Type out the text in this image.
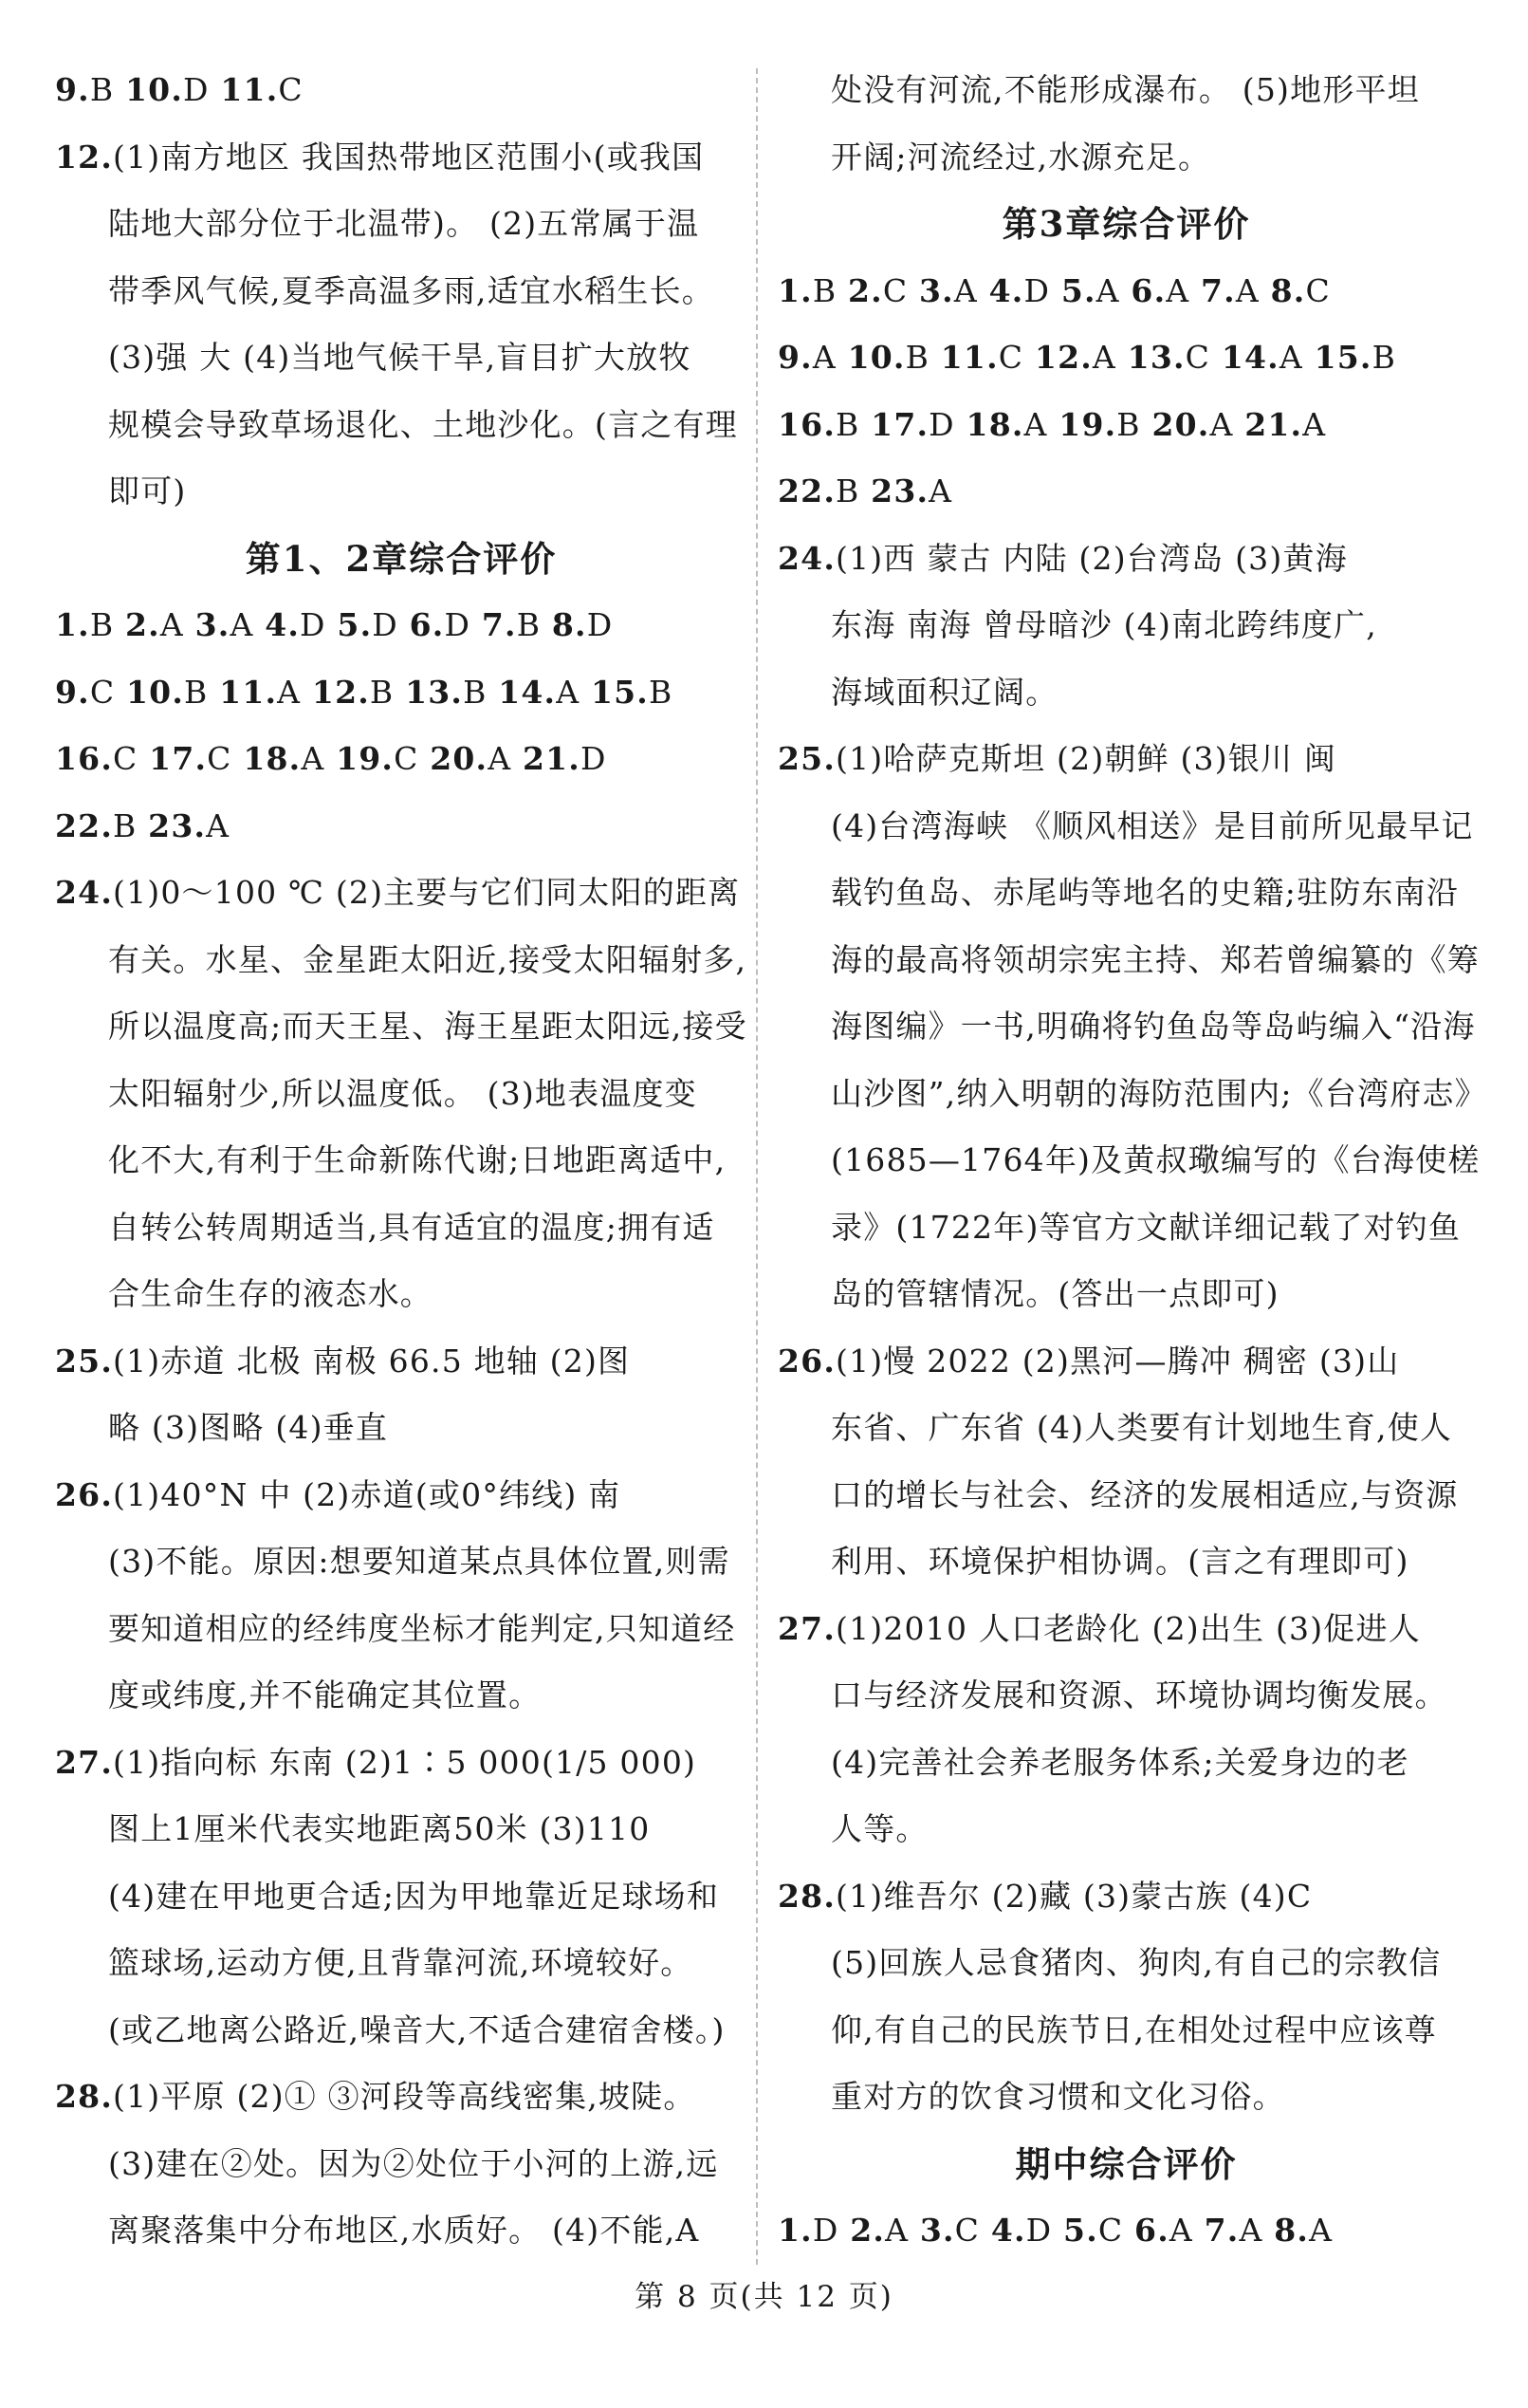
9.B 10.D 11.C
12.(1)南方地区 我国热带地区范围小(或我国
陆地大部分位于北温带)。 (2)五常属于温
带季风气候,夏季高温多雨,适宜水稻生长。
(3)强 大 (4)当地气候干旱,盲目扩大放牧
规模会导致草场退化、土地沙化。(言之有理
即可)
第1、2章综合评价
1.B 2.A 3.A 4.D 5.D 6.D 7.B 8.D
9.C 10.B 11.A 12.B 13.B 14.A 15.B
16.C 17.C 18.A 19.C 20.A 21.D
22.B 23.A
24.(1)0～100 ℃ (2)主要与它们同太阳的距离
有关。水星、金星距太阳近,接受太阳辐射多,
所以温度高;而天王星、海王星距太阳远,接受
太阳辐射少,所以温度低。 (3)地表温度变
化不大,有利于生命新陈代谢;日地距离适中,
自转公转周期适当,具有适宜的温度;拥有适
合生命生存的液态水。
25.(1)赤道 北极 南极 66.5 地轴 (2)图
略 (3)图略 (4)垂直
26.(1)40°N 中 (2)赤道(或0°纬线) 南
(3)不能。原因:想要知道某点具体位置,则需
要知道相应的经纬度坐标才能判定,只知道经
度或纬度,并不能确定其位置。
27.(1)指向标 东南 (2)1∶5 000(1/5 000)
图上1厘米代表实地距离50米 (3)110
(4)建在甲地更合适;因为甲地靠近足球场和
篮球场,运动方便,且背靠河流,环境较好。
(或乙地离公路近,噪音大,不适合建宿舍楼。)
28.(1)平原 (2)① ③河段等高线密集,坡陡。
(3)建在②处。因为②处位于小河的上游,远
离聚落集中分布地区,水质好。 (4)不能,A
处没有河流,不能形成瀑布。 (5)地形平坦
开阔;河流经过,水源充足。
第3章综合评价
1.B 2.C 3.A 4.D 5.A 6.A 7.A 8.C
9.A 10.B 11.C 12.A 13.C 14.A 15.B
16.B 17.D 18.A 19.B 20.A 21.A
22.B 23.A
24.(1)西 蒙古 内陆 (2)台湾岛 (3)黄海
东海 南海 曾母暗沙 (4)南北跨纬度广,
海域面积辽阔。
25.(1)哈萨克斯坦 (2)朝鲜 (3)银川 闽
(4)台湾海峡 《顺风相送》是目前所见最早记
载钓鱼岛、赤尾屿等地名的史籍;驻防东南沿
海的最高将领胡宗宪主持、郑若曾编纂的《筹
海图编》一书,明确将钓鱼岛等岛屿编入“沿海
山沙图”,纳入明朝的海防范围内;《台湾府志》
(1685—1764年)及黄叔璥编写的《台海使槎
录》(1722年)等官方文献详细记载了对钓鱼
岛的管辖情况。(答出一点即可)
26.(1)慢 2022 (2)黑河—腾冲 稠密 (3)山
东省、广东省 (4)人类要有计划地生育,使人
口的增长与社会、经济的发展相适应,与资源
利用、环境保护相协调。(言之有理即可)
27.(1)2010 人口老龄化 (2)出生 (3)促进人
口与经济发展和资源、环境协调均衡发展。
(4)完善社会养老服务体系;关爱身边的老
人等。
28.(1)维吾尔 (2)藏 (3)蒙古族 (4)C
(5)回族人忌食猪肉、狗肉,有自己的宗教信
仰,有自己的民族节日,在相处过程中应该尊
重对方的饮食习惯和文化习俗。
期中综合评价
1.D 2.A 3.C 4.D 5.C 6.A 7.A 8.A
第 8 页(共 12 页)
